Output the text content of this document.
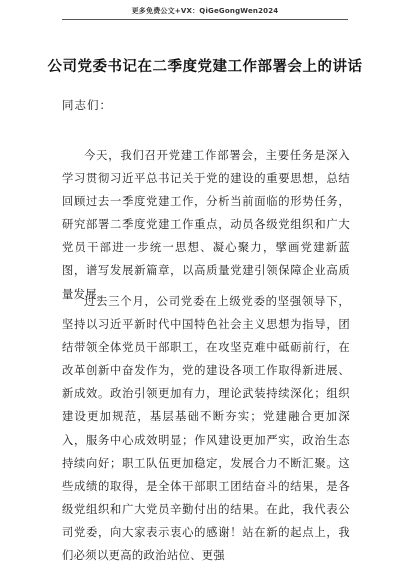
更多免费公文+VX：QiGeGongWen2024
公司党委书记在二季度党建工作部署会上的讲话
同志们：

今天，我们召开党建工作部署会，主要任务是深入学习贯彻习近平总书记关于党的建设的重要思想，总结回顾过去一季度党建工作，分析当前面临的形势任务，研究部署二季度党建工作重点，动员各级党组织和广大党员干部进一步统一思想、凝心聚力，擘画党建新蓝图，谱写发展新篇章，以高质量党建引领保障企业高质量发展。

过去三个月，公司党委在上级党委的坚强领导下，坚持以习近平新时代中国特色社会主义思想为指导，团结带领全体党员干部职工，在攻坚克难中砥砺前行，在改革创新中奋发作为，党的建设各项工作取得新进展、新成效。政治引领更加有力，理论武装持续深化；组织建设更加规范，基层基础不断夯实；党建融合更加深入，服务中心成效明显；作风建设更加严实，政治生态持续向好；职工队伍更加稳定，发展合力不断汇聚。这些成绩的取得，是全体干部职工团结奋斗的结果，是各级党组织和广大党员辛勤付出的结果。在此，我代表公司党委，向大家表示衷心的感谢！站在新的起点上，我们必须以更高的政治站位、更强
